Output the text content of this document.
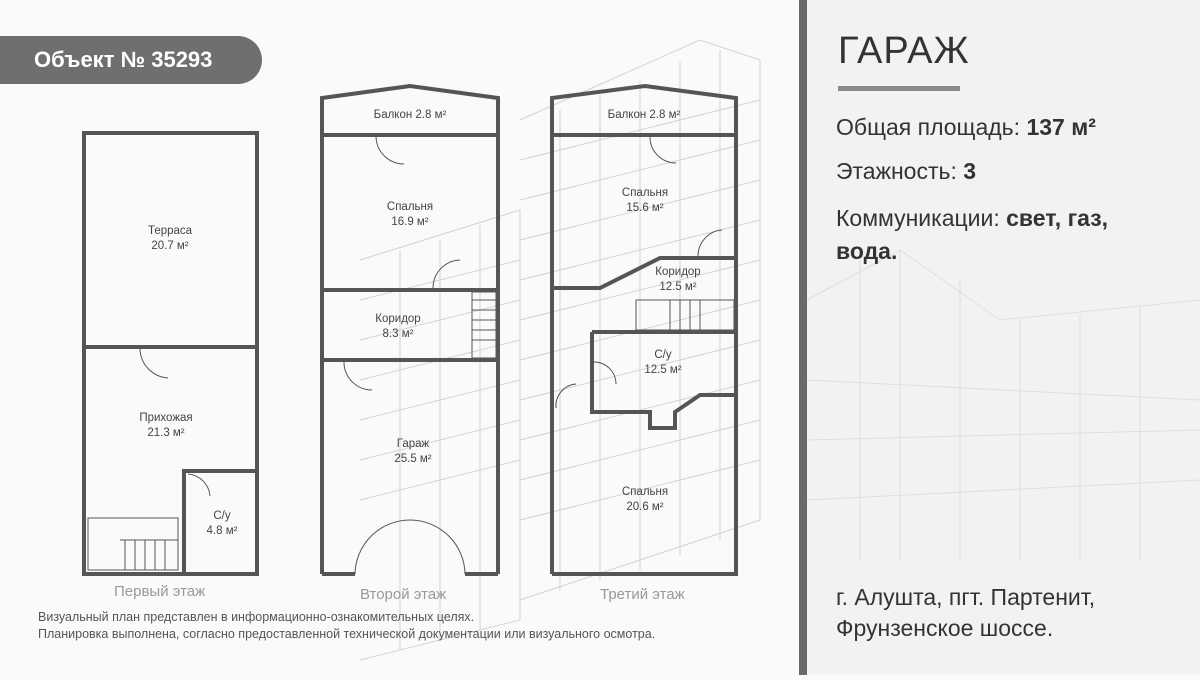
Терраса
20.7 м²
Прихожая
21.3 м²
С/у
4.8 м²
Балкон 2.8 м²
Спальня
16.9 м²
Коридор
8.3 м²
Гараж
25.5 м²
Балкон 2.8 м²
Спальня
15.6 м²
Коридор
12.5 м²
С/у
12.5 м²
Спальня
20.6 м²
Первый этаж	Второй этаж	Третий этаж
Визуальный план представлен в информационно-ознакомительных целях.
Планировка выполнена, согласно предоставленной технической документации или визуального осмотра.
Объект № 35293	ГАРАЖ
Общая площадь: 137 м²
Этажность: 3
Коммуникации: свет, газ,
вода.
г. Алушта, пгт. Партенит,
Фрунзенское шоссе.
